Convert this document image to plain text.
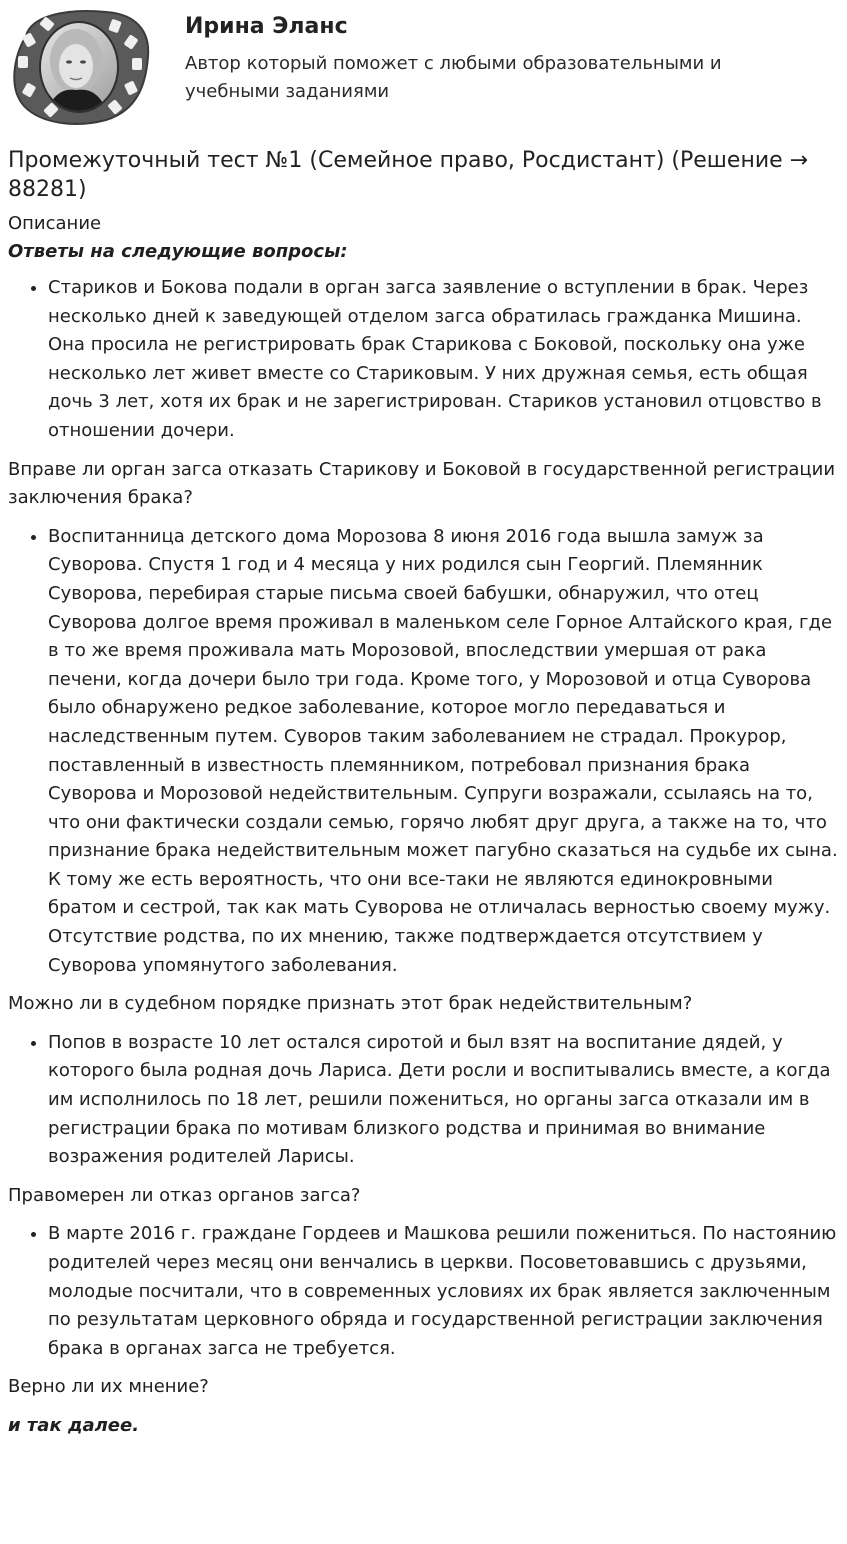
Ирина Эланс

Автор который поможет с любыми образовательными и учебными заданиями

Промежуточный тест №1 (Семейное право, Росдистант) (Решение → 88281)

Описание

Ответы на следующие вопросы:

• Стариков и Бокова подали в орган загса заявление о вступлении в брак. Через несколько дней к заведующей отделом загса обратилась гражданка Мишина. Она просила не регистрировать брак Старикова с Боковой, поскольку она уже несколько лет живет вместе со Стариковым. У них дружная семья, есть общая дочь 3 лет, хотя их брак и не зарегистрирован. Стариков установил отцовство в отношении дочери.

Вправе ли орган загса отказать Старикову и Боковой в государственной регистрации заключения брака?

• Воспитанница детского дома Морозова 8 июня 2016 года вышла замуж за Суворова. Спустя 1 год и 4 месяца у них родился сын Георгий. Племянник Суворова, перебирая старые письма своей бабушки, обнаружил, что отец Суворова долгое время проживал в маленьком селе Горное Алтайского края, где в то же время проживала мать Морозовой, впоследствии умершая от рака печени, когда дочери было три года. Кроме того, у Морозовой и отца Суворова было обнаружено редкое заболевание, которое могло передаваться и наследственным путем. Суворов таким заболеванием не страдал. Прокурор, поставленный в известность племянником, потребовал признания брака Суворова и Морозовой недействительным. Супруги возражали, ссылаясь на то, что они фактически создали семью, горячо любят друг друга, а также на то, что признание брака недействительным может пагубно сказаться на судьбе их сына. К тому же есть вероятность, что они все-таки не являются единокровными братом и сестрой, так как мать Суворова не отличалась верностью своему мужу. Отсутствие родства, по их мнению, также подтверждается отсутствием у Суворова упомянутого заболевания.

Можно ли в судебном порядке признать этот брак недействительным?

• Попов в возрасте 10 лет остался сиротой и был взят на воспитание дядей, у которого была родная дочь Лариса. Дети росли и воспитывались вместе, а когда им исполнилось по 18 лет, решили пожениться, но органы загса отказали им в регистрации брака по мотивам близкого родства и принимая во внимание возражения родителей Ларисы.

Правомерен ли отказ органов загса?

• В марте 2016 г. граждане Гордеев и Машкова решили пожениться. По настоянию родителей через месяц они венчались в церкви. Посоветовавшись с друзьями, молодые посчитали, что в современных условиях их брак является заключенным по результатам церковного обряда и государственной регистрации заключения брака в органах загса не требуется.

Верно ли их мнение?

и так далее.
